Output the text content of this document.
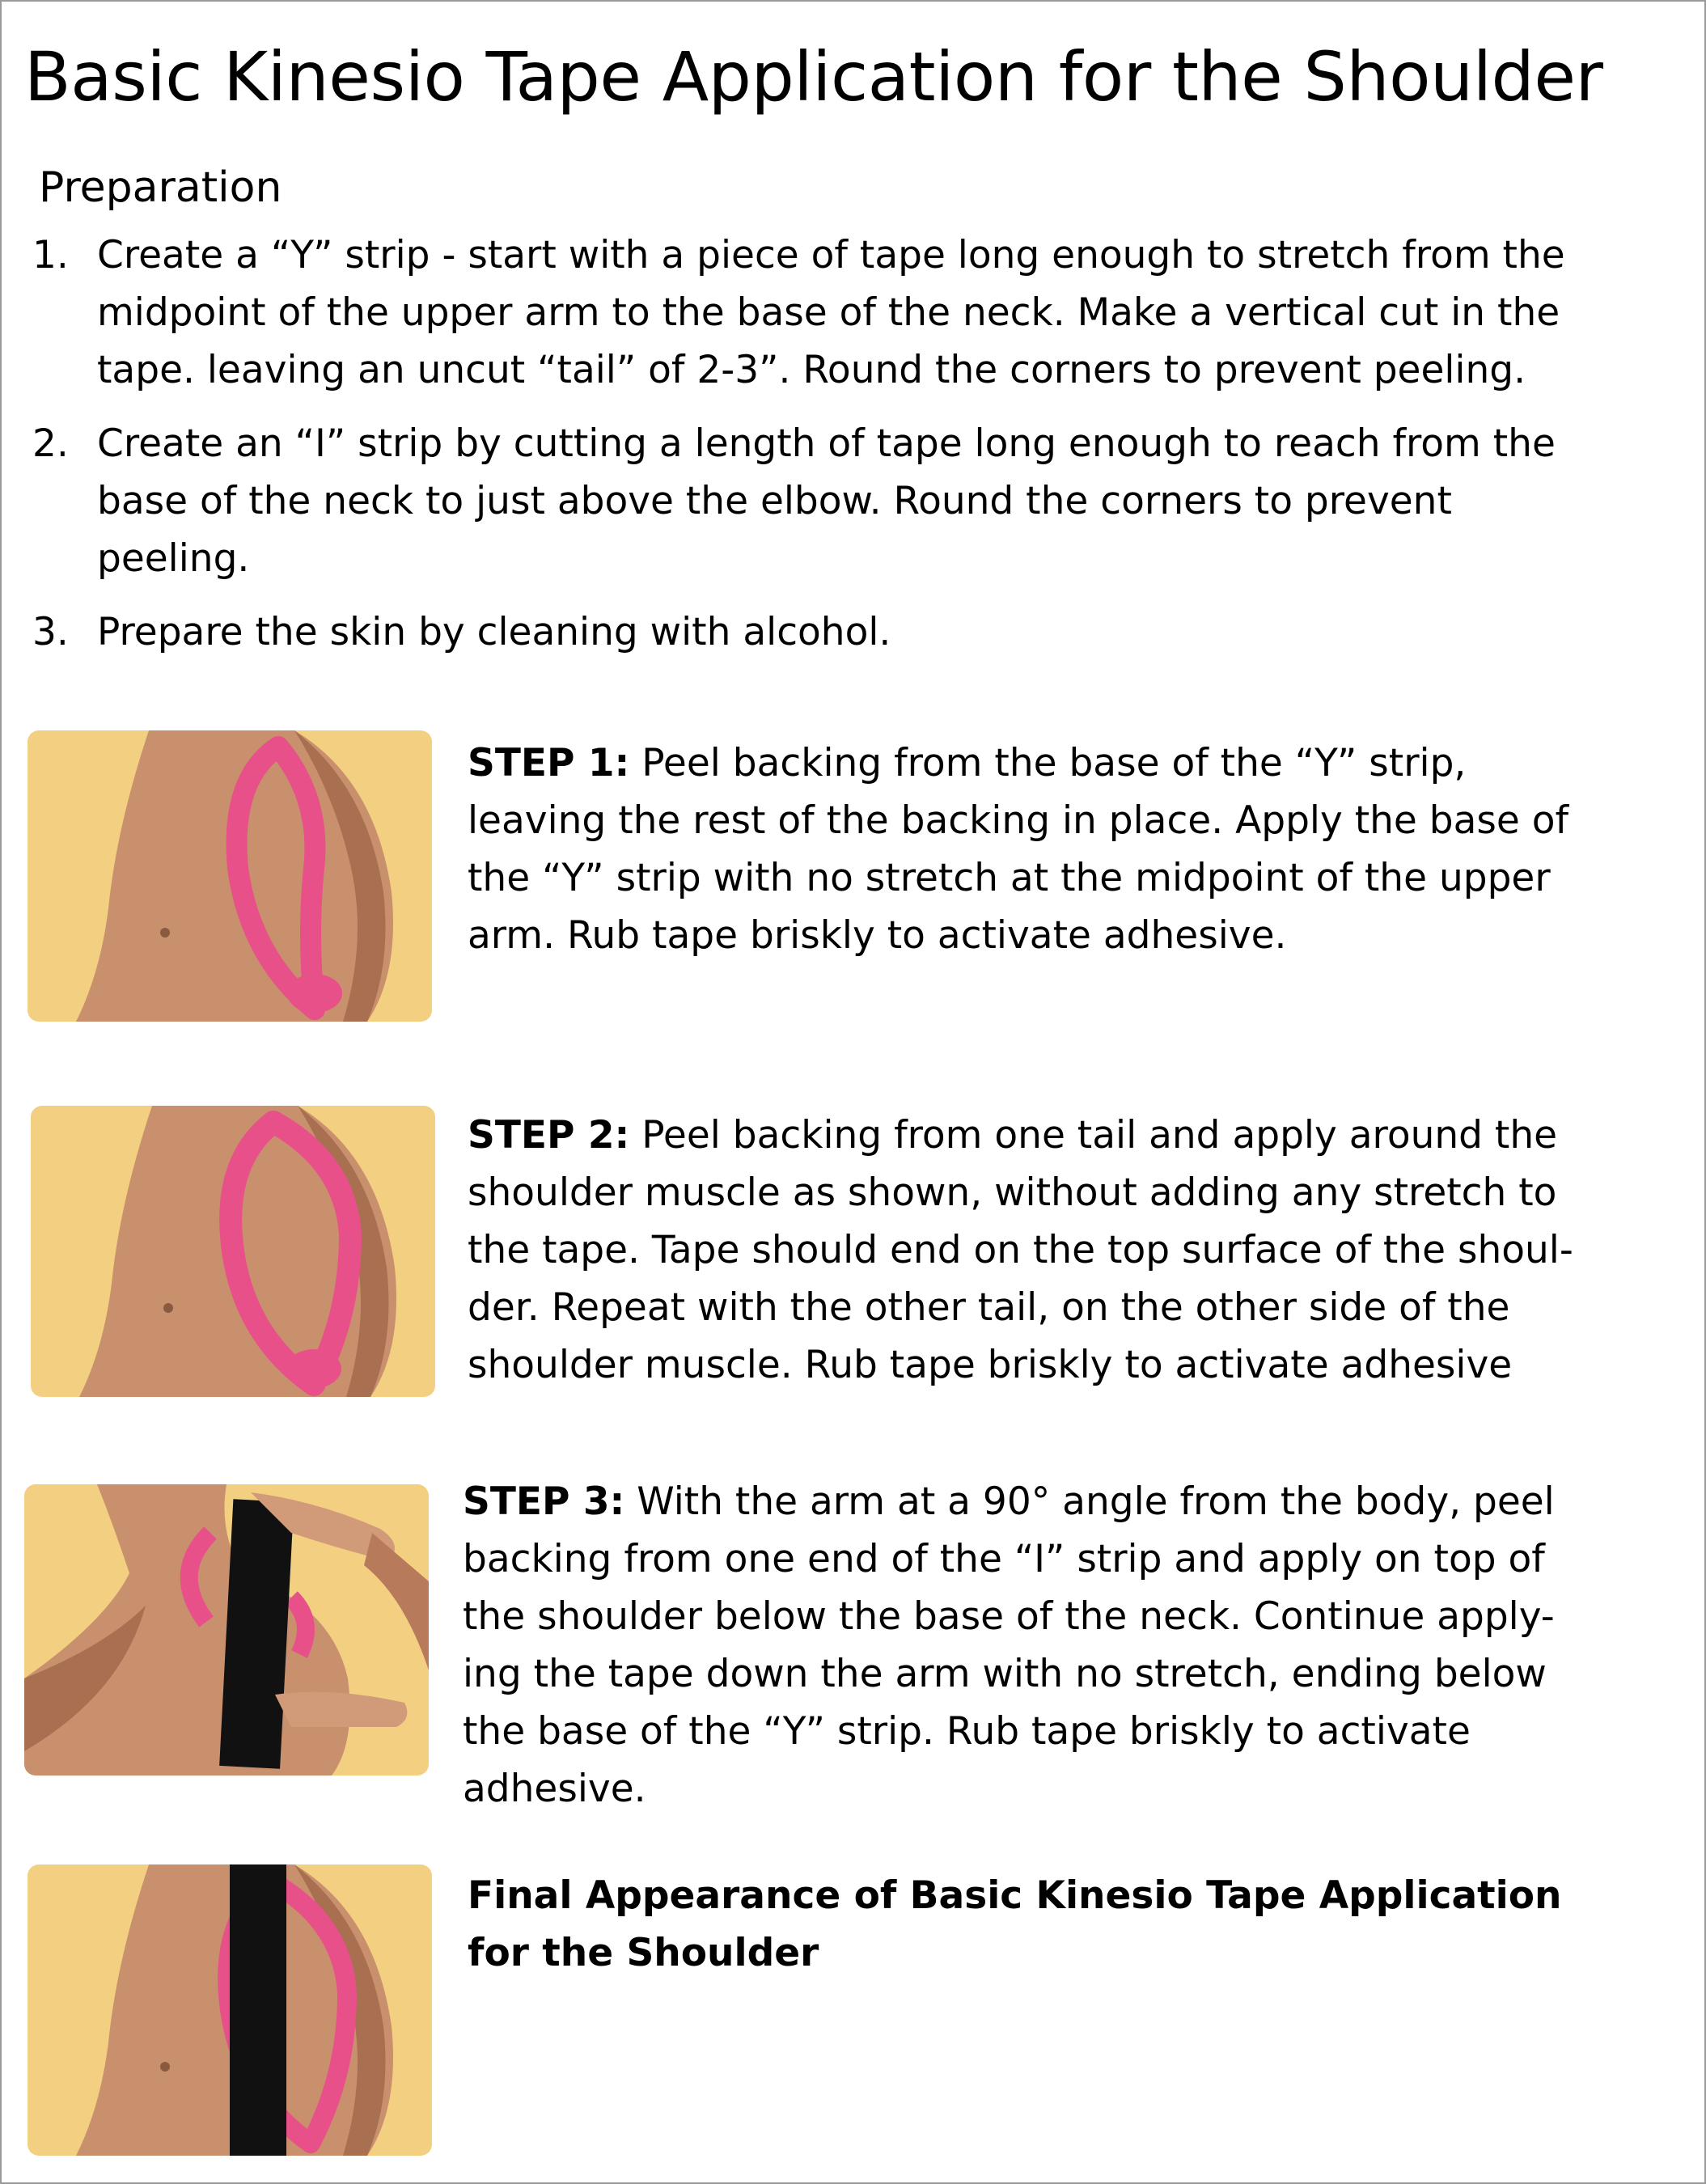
Basic Kinesio Tape Application for the Shoulder
Preparation
1. Create a “Y” strip - start with a piece of tape long enough to stretch from the midpoint of the upper arm to the base of the neck. Make a vertical cut in the tape. leaving an uncut “tail” of 2-3”. Round the corners to prevent peeling.
2. Create an “I” strip by cutting a length of tape long enough to reach from the base of the neck to just above the elbow. Round the corners to prevent peeling.
3. Prepare the skin by cleaning with alcohol.
STEP 1: Peel backing from the base of the “Y” strip, leaving the rest of the backing in place. Apply the base of the “Y” strip with no stretch at the midpoint of the upper arm. Rub tape briskly to activate adhesive.
STEP 2: Peel backing from one tail and apply around the shoulder muscle as shown, without adding any stretch to the tape. Tape should end on the top surface of the shoul-der. Repeat with the other tail, on the other side of the shoulder muscle. Rub tape briskly to activate adhesive
STEP 3: With the arm at a 90° angle from the body, peel backing from one end of the “I” strip and apply on top of the shoulder below the base of the neck. Continue apply-ing the tape down the arm with no stretch, ending below the base of the “Y” strip. Rub tape briskly to activate adhesive.
Final Appearance of Basic Kinesio Tape Application for the Shoulder
